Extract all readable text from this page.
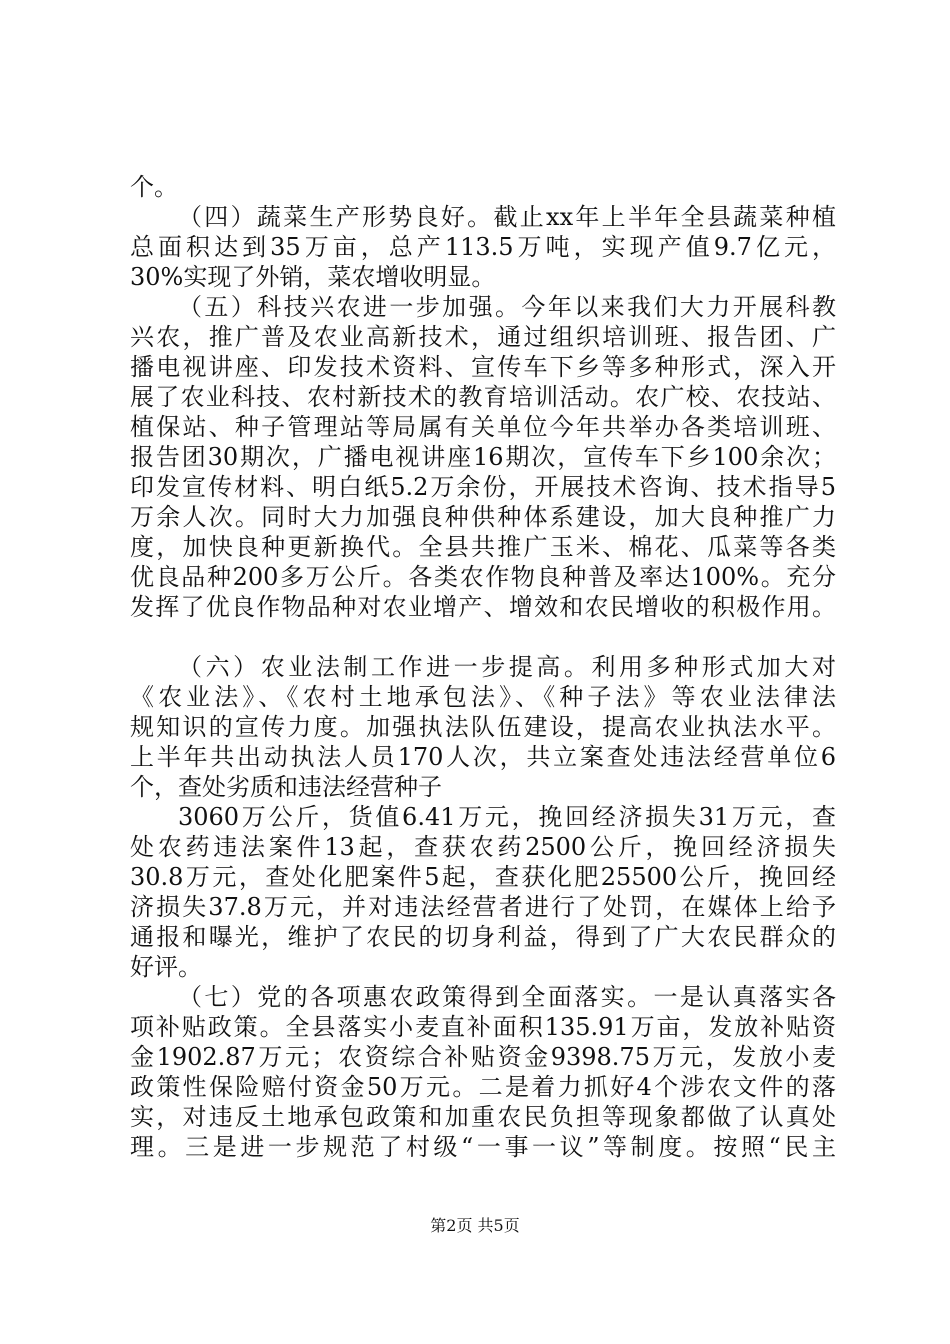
个。
（四）蔬菜生产形势良好。截止xx年上半年全县蔬菜种植
总面积达到35万亩，总产113.5万吨，实现产值9.7亿元，
30%实现了外销，菜农增收明显。
（五）科技兴农进一步加强。今年以来我们大力开展科教
兴农，推广普及农业高新技术，通过组织培训班、报告团、广
播电视讲座、印发技术资料、宣传车下乡等多种形式，深入开
展了农业科技、农村新技术的教育培训活动。农广校、农技站、
植保站、种子管理站等局属有关单位今年共举办各类培训班、
报告团30期次，广播电视讲座16期次，宣传车下乡100余次；
印发宣传材料、明白纸5.2万余份，开展技术咨询、技术指导5
万余人次。同时大力加强良种供种体系建设，加大良种推广力
度，加快良种更新换代。全县共推广玉米、棉花、瓜菜等各类
优良品种200多万公斤。各类农作物良种普及率达100%。充分
发挥了优良作物品种对农业增产、增效和农民增收的积极作用。
（六）农业法制工作进一步提高。利用多种形式加大对
《农业法》、《农村土地承包法》、《种子法》等农业法律法
规知识的宣传力度。加强执法队伍建设，提高农业执法水平。
上半年共出动执法人员170人次，共立案查处违法经营单位6
个，查处劣质和违法经营种子
3060万公斤，货值6.41万元，挽回经济损失31万元，查
处农药违法案件13起，查获农药2500公斤，挽回经济损失
30.8万元，查处化肥案件5起，查获化肥25500公斤，挽回经
济损失37.8万元，并对违法经营者进行了处罚，在媒体上给予
通报和曝光，维护了农民的切身利益，得到了广大农民群众的
好评。
（七）党的各项惠农政策得到全面落实。一是认真落实各
项补贴政策。全县落实小麦直补面积135.91万亩，发放补贴资
金1902.87万元；农资综合补贴资金9398.75万元，发放小麦
政策性保险赔付资金50万元。二是着力抓好4个涉农文件的落
实，对违反土地承包政策和加重农民负担等现象都做了认真处
理。三是进一步规范了村级“一事一议”等制度。按照“民主
第2页 共5页
